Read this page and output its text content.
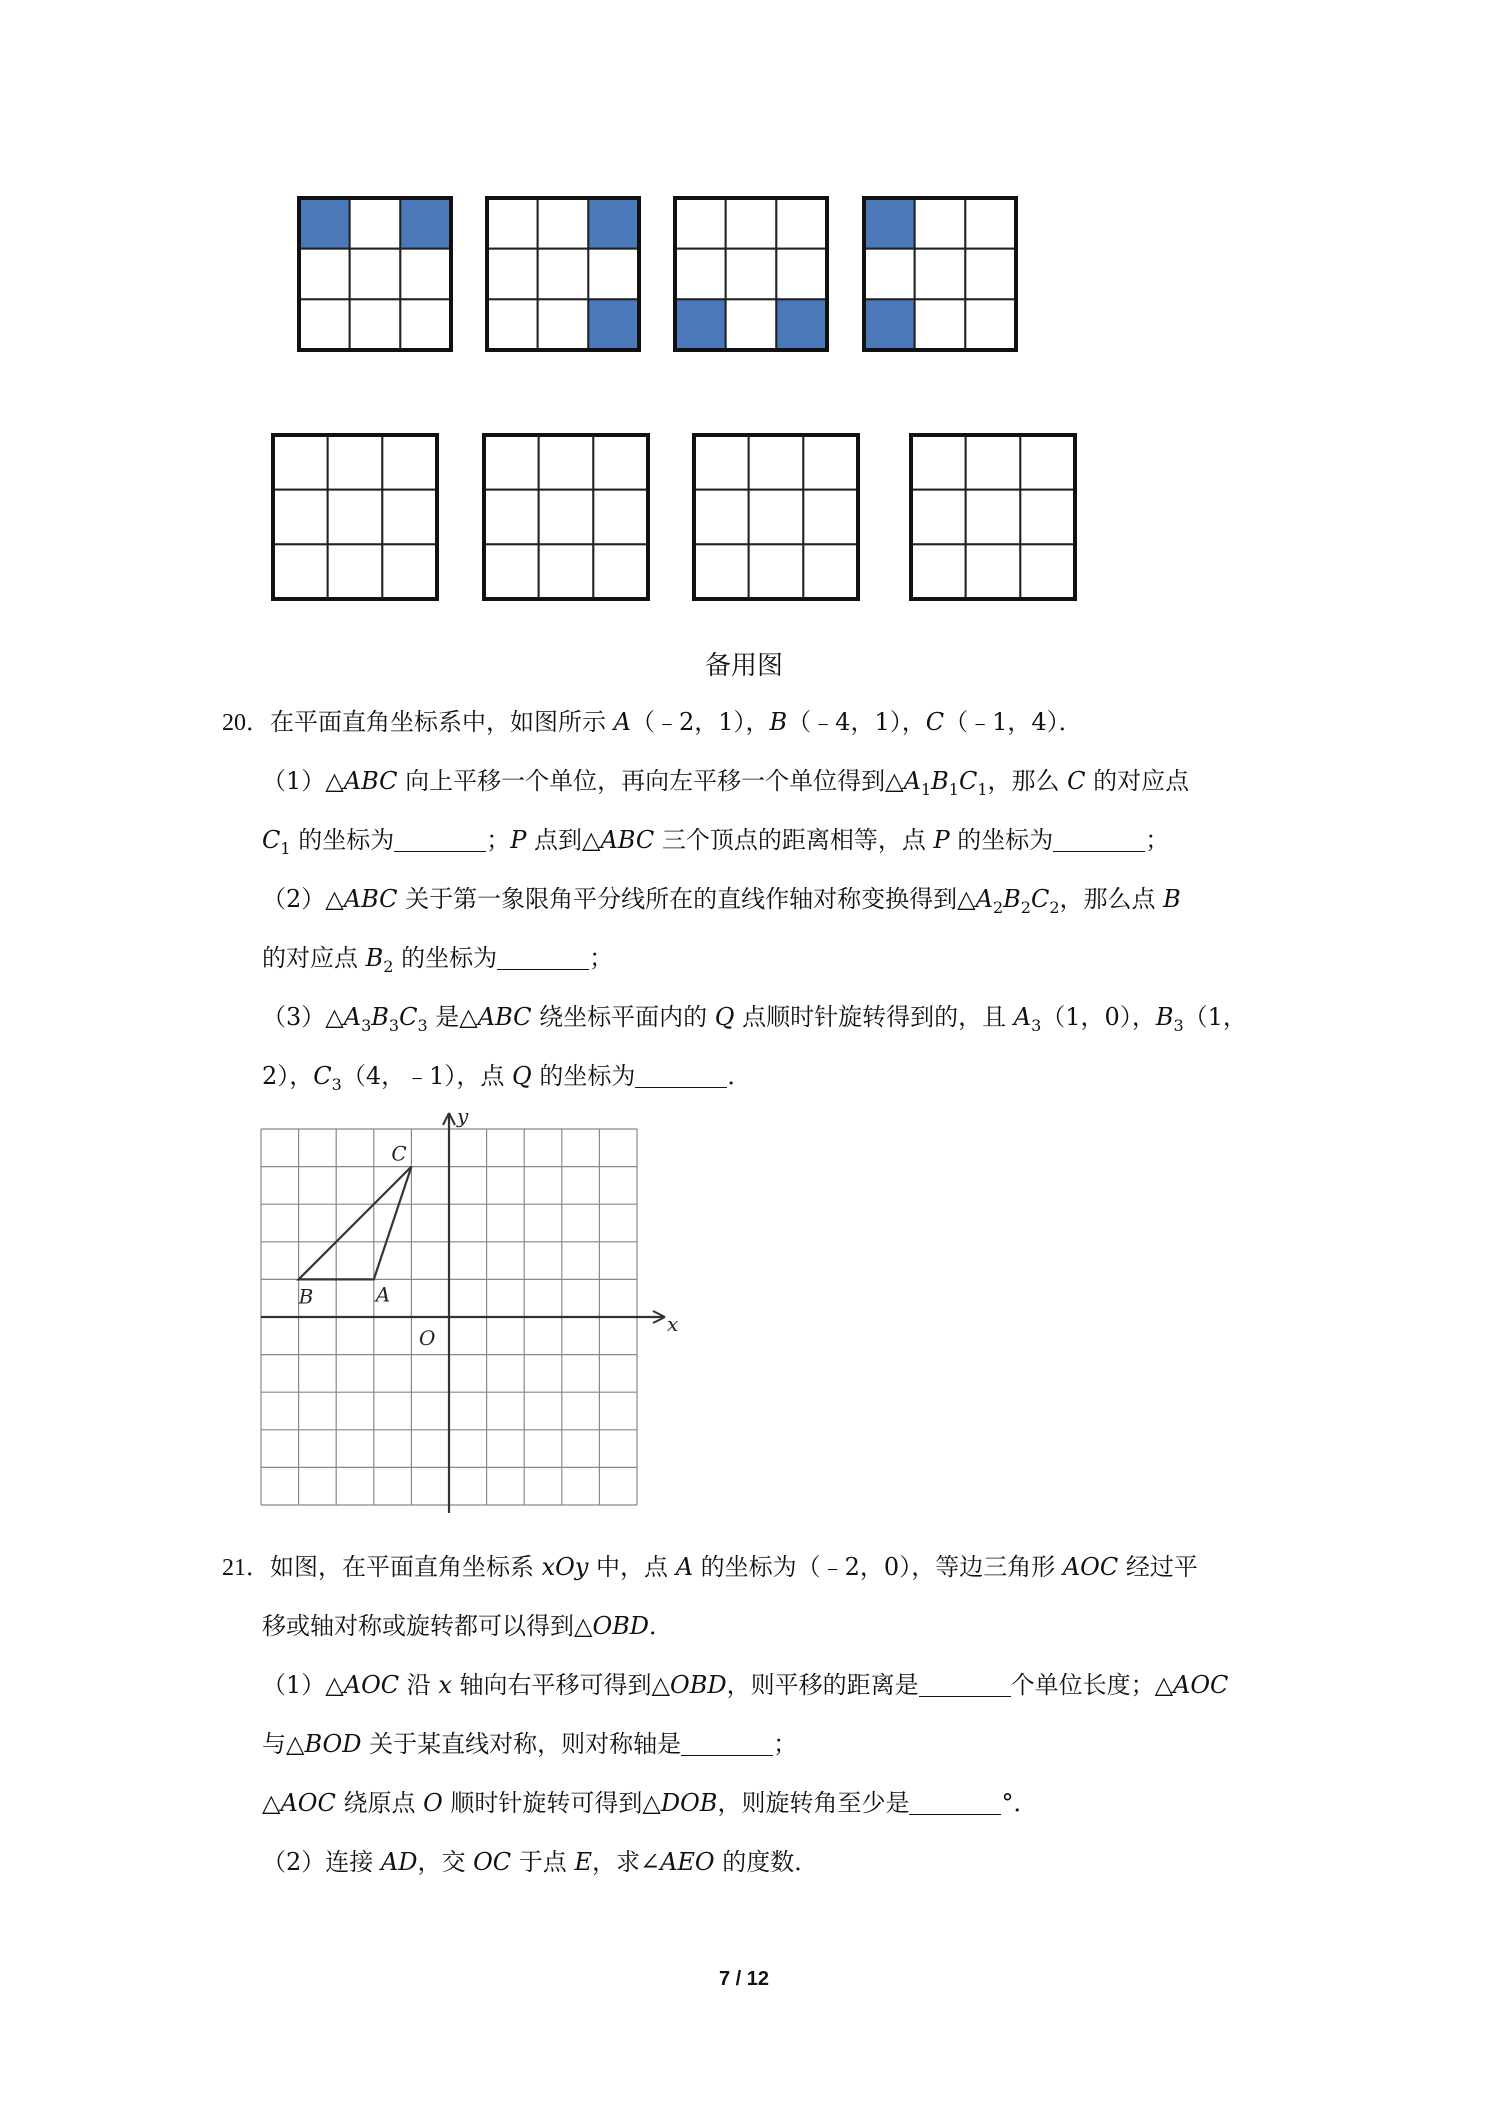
备用图
20．在平面直角坐标系中，如图所示 A（﹣2，1），B（﹣4，1），C（﹣1，4）．
（1）△ABC 向上平移一个单位，再向左平移一个单位得到$\triangle A_1B_1C_1$，那么 C 的对应点
$C_1$ 的坐标为	；P 点到△ABC 三个顶点的距离相等，点 P 的坐标为	；
（2）△ABC 关于第一象限角平分线所在的直线作轴对称变换得到$\triangle A_2B_2C_2$，那么点 B
的对应点 $B_2$ 的坐标为	；
$(3)\triangle A_3B_3C_3$ 是△ABC 绕坐标平面内的 Q 点顺时针旋转得到的，且 $A_3(1$，0），$B_3(1$，
2），$C_3(4$，﹣1），点 Q 的坐标为	．
x
y
O
A
B
C
21．如图，在平面直角坐标系 xOy 中，点 A 的坐标为（﹣2，0），等边三角形 AOC 经过平
移或轴对称或旋转都可以得到△OBD．
（1）△AOC 沿 x 轴向右平移可得到△OBD，则平移的距离是	个单位长度；△AOC
与△BOD 关于某直线对称，则对称轴是	；
△AOC 绕原点 O 顺时针旋转可得到△DOB，则旋转角至少是	°．
（2）连接 AD，交 OC 于点 E，求∠AEO 的度数．
7 / 12
